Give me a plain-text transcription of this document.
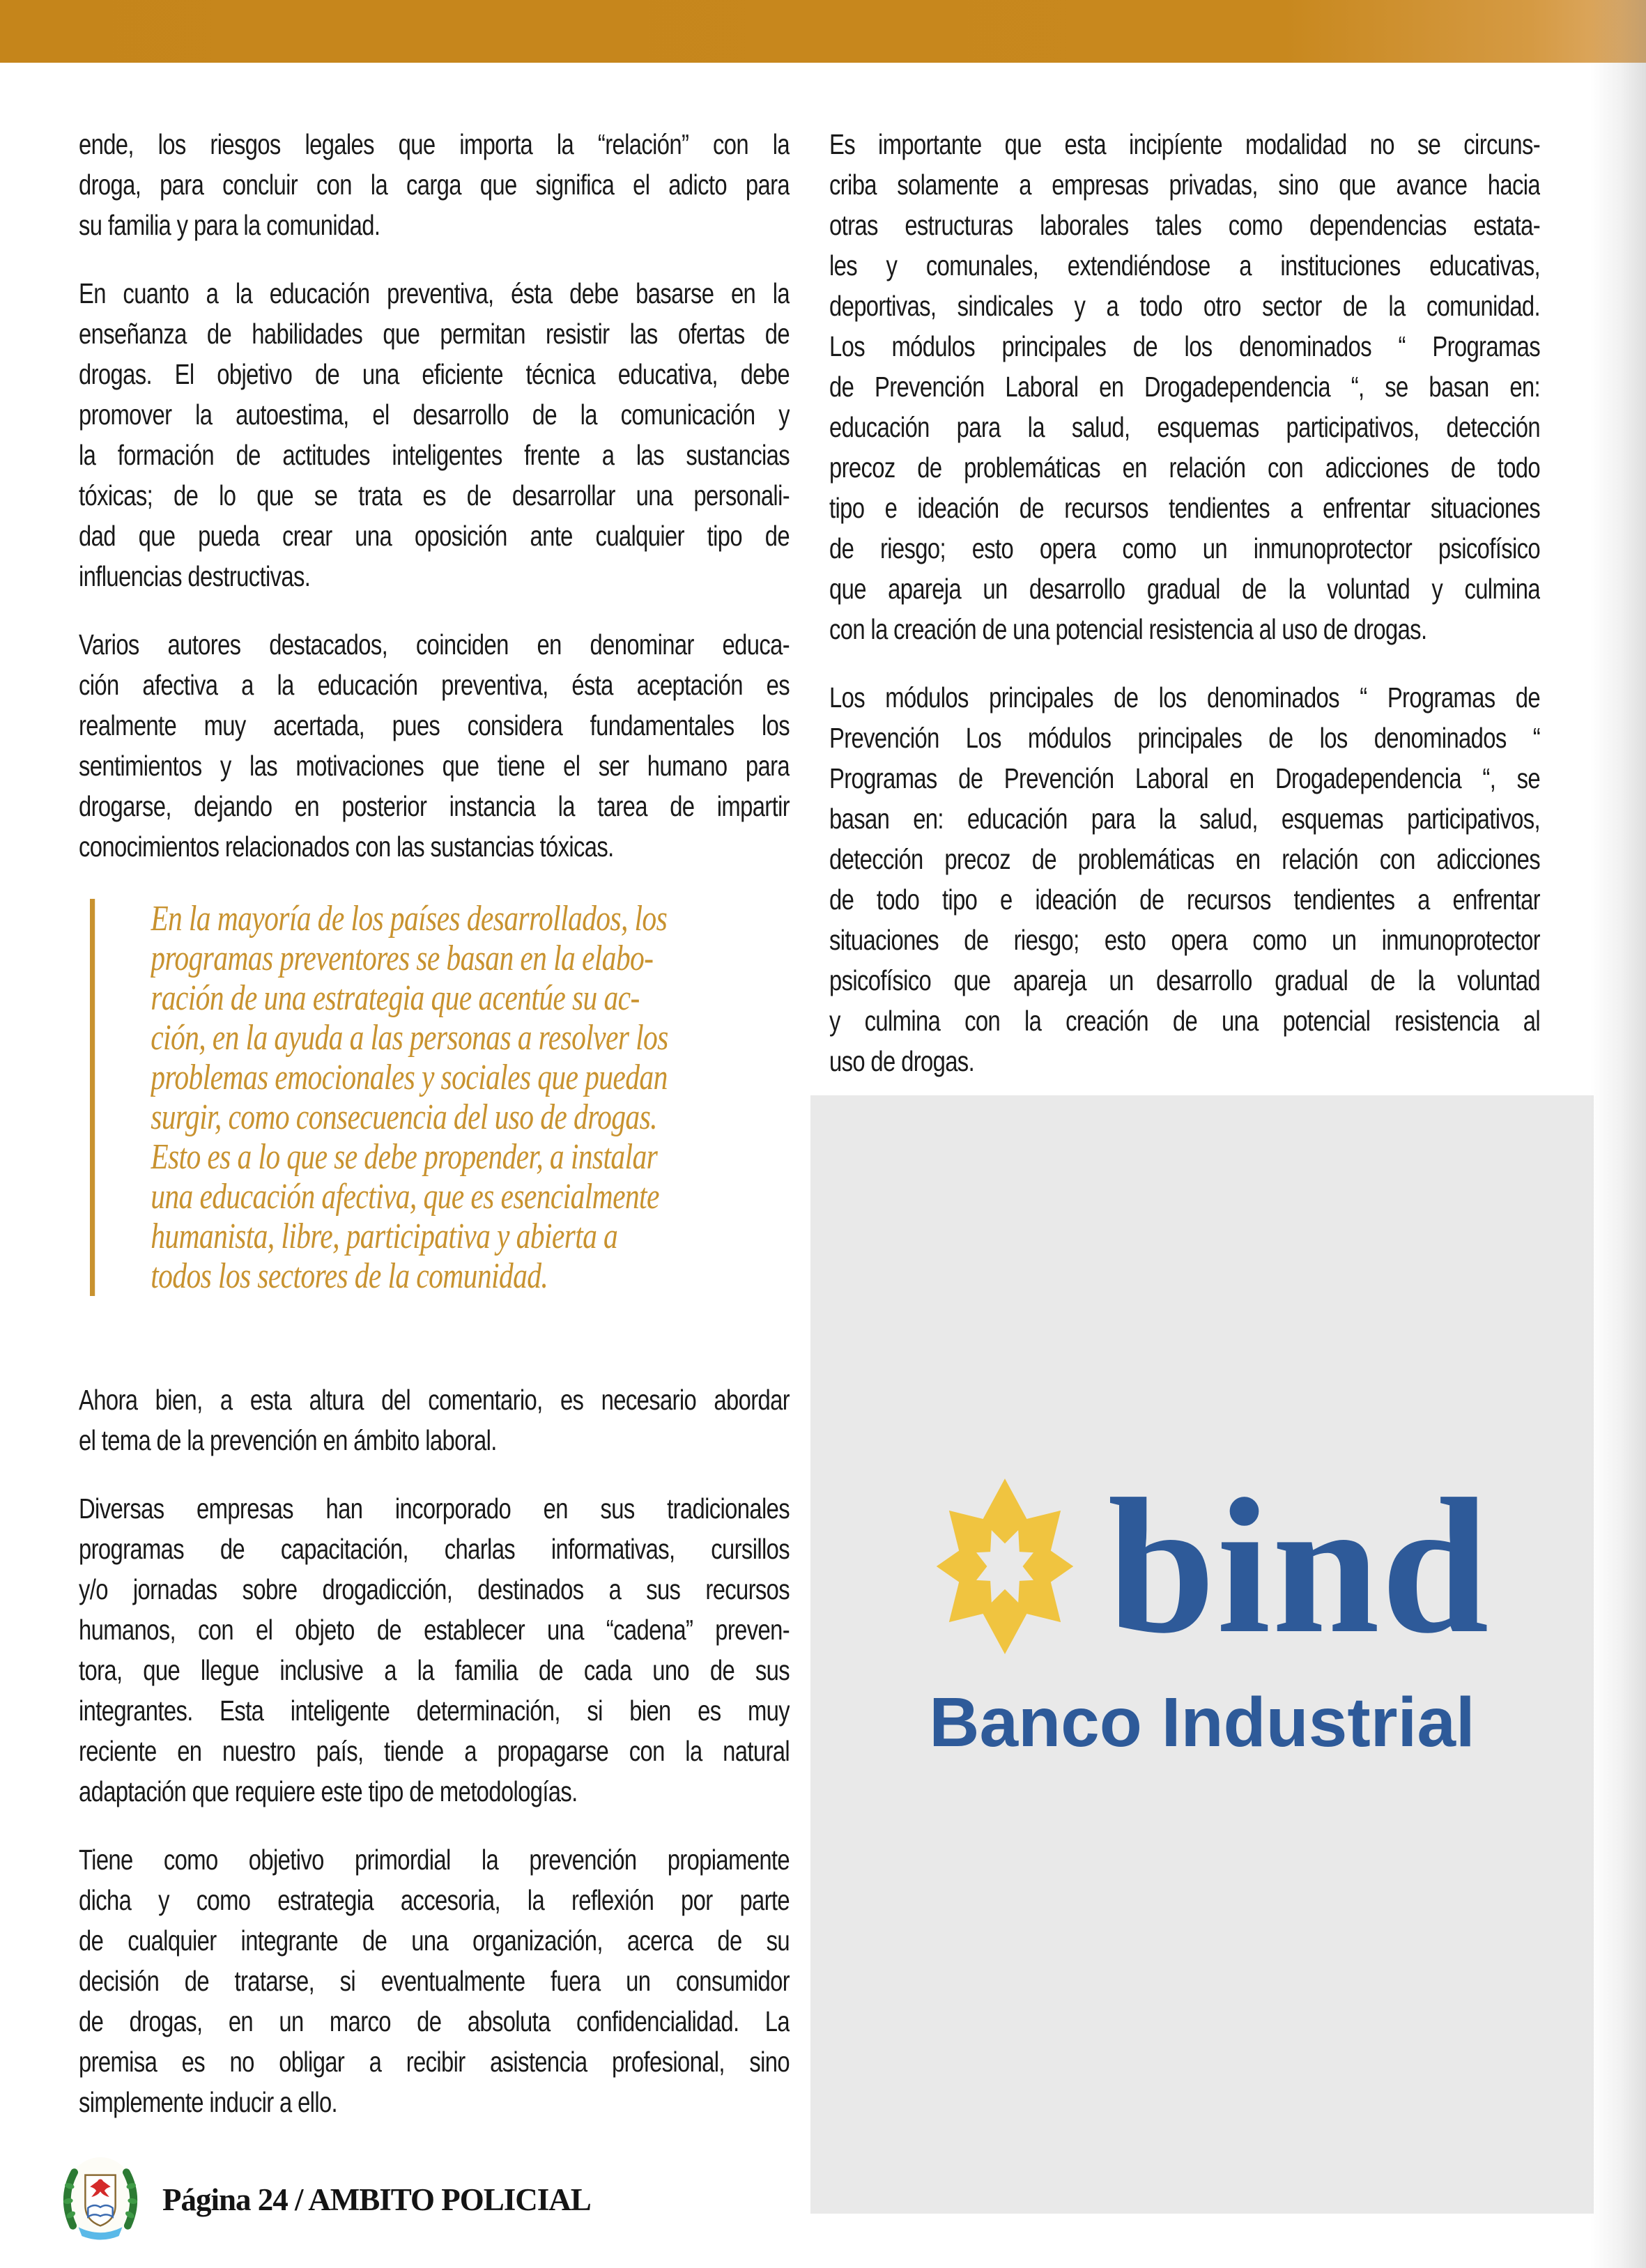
ende, los riesgos legales que importa la “relación” con la
droga, para concluir con la carga que significa el adicto para
su familia y para la comunidad.
En cuanto a la educación preventiva, ésta debe basarse en la
enseñanza de habilidades que permitan resistir las ofertas de
drogas. El objetivo de una eficiente técnica educativa, debe
promover la autoestima, el desarrollo de la comunicación y
la formación de actitudes inteligentes frente a las sustancias
tóxicas; de lo que se trata es de desarrollar una personali-
dad que pueda crear una oposición ante cualquier tipo de
influencias destructivas.
Varios autores destacados, coinciden en denominar educa-
ción afectiva a la educación preventiva, ésta aceptación es
realmente muy acertada, pues considera fundamentales los
sentimientos y las motivaciones que tiene el ser humano para
drogarse, dejando en posterior instancia la tarea de impartir
conocimientos relacionados con las sustancias tóxicas.
En la mayoría de los países desarrollados, los
programas preventores se basan en la elabo-
ración de una estrategia que acentúe su ac-
ción, en la ayuda a las personas a resolver los
problemas emocionales y sociales que puedan
surgir, como consecuencia del uso de drogas.
Esto es a lo que se debe propender, a instalar
una educación afectiva, que es esencialmente
humanista, libre, participativa y abierta a
todos los sectores de la comunidad.
Ahora bien, a esta altura del comentario, es necesario abordar
el tema de la prevención en ámbito laboral.
Diversas empresas han incorporado en sus tradicionales
programas de capacitación, charlas informativas, cursillos
y/o jornadas sobre drogadicción, destinados a sus recursos
humanos, con el objeto de establecer una “cadena” preven-
tora, que llegue inclusive a la familia de cada uno de sus
integrantes. Esta inteligente determinación, si bien es muy
reciente en nuestro país, tiende a propagarse con la natural
adaptación que requiere este tipo de metodologías.
Tiene como objetivo primordial la prevención propiamente
dicha y como estrategia accesoria, la reflexión por parte
de cualquier integrante de una organización, acerca de su
decisión de tratarse, si eventualmente fuera un consumidor
de drogas, en un marco de absoluta confidencialidad. La
premisa es no obligar a recibir asistencia profesional, sino
simplemente inducir a ello.
Es importante que esta incipíente modalidad no se circuns-
criba solamente a empresas privadas, sino que avance hacia
otras estructuras laborales tales como dependencias estata-
les y comunales, extendiéndose a instituciones educativas,
deportivas, sindicales y a todo otro sector de la comunidad.
Los módulos principales de los denominados “ Programas
de Prevención Laboral en Drogadependencia “, se basan en:
educación para la salud, esquemas participativos, detección
precoz de problemáticas en relación con adicciones de todo
tipo e ideación de recursos tendientes a enfrentar situaciones
de riesgo; esto opera como un inmunoprotector psicofísico
que apareja un desarrollo gradual de la voluntad y culmina
con la creación de una potencial resistencia al uso de drogas.
Los módulos principales de los denominados “ Programas de
Prevención Los módulos principales de los denominados “
Programas de Prevención Laboral en Drogadependencia “, se
basan en: educación para la salud, esquemas participativos,
detección precoz de problemáticas en relación con adicciones
de todo tipo e ideación de recursos tendientes a enfrentar
situaciones de riesgo; esto opera como un inmunoprotector
psicofísico que apareja un desarrollo gradual de la voluntad
y culmina con la creación de una potencial resistencia al
uso de drogas.
bind
Banco Industrial
Página 24 / AMBITO POLICIAL
